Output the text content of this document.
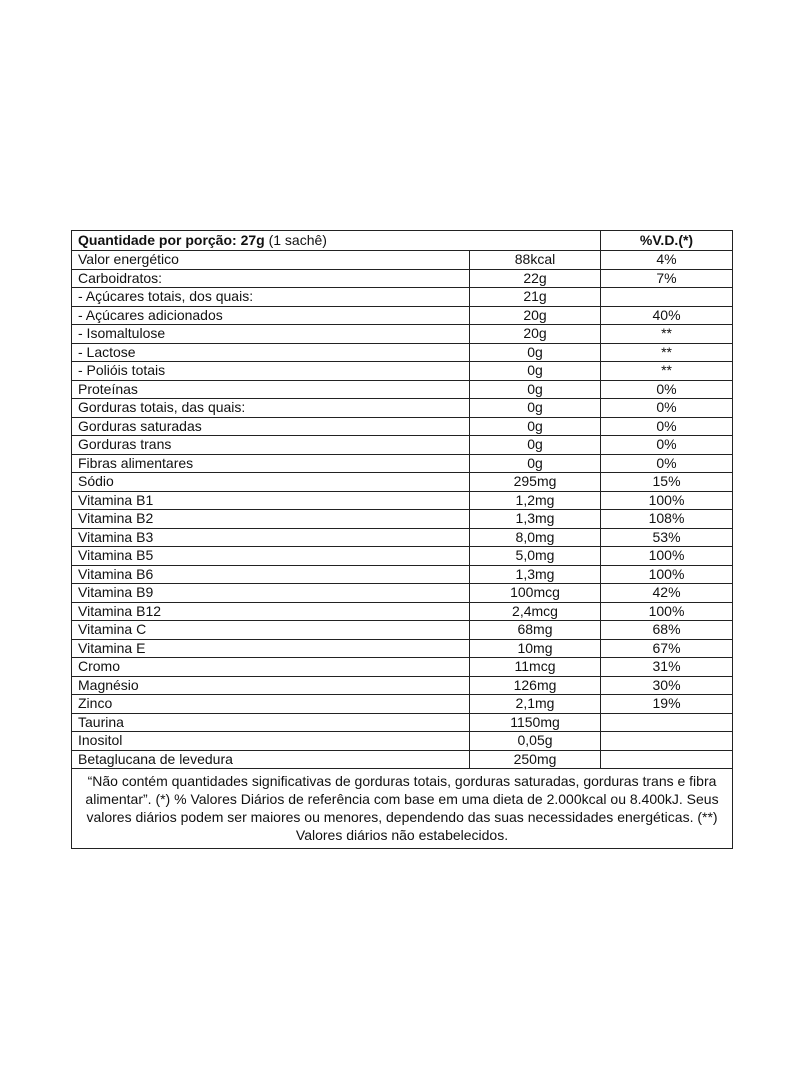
Quantidade por porção: 27g (1 sachê)		%V.D.(*)
Valor energético	88kcal	4%
Carboidratos:	22g	7%
- Açúcares totais, dos quais:	21g	
- Açúcares adicionados	20g	40%
- Isomaltulose	20g	**
- Lactose	0g	**
- Polióis totais	0g	**
Proteínas	0g	0%
Gorduras totais, das quais:	0g	0%
Gorduras saturadas	0g	0%
Gorduras trans	0g	0%
Fibras alimentares	0g	0%
Sódio	295mg	15%
Vitamina B1	1,2mg	100%
Vitamina B2	1,3mg	108%
Vitamina B3	8,0mg	53%
Vitamina B5	5,0mg	100%
Vitamina B6	1,3mg	100%
Vitamina B9	100mcg	42%
Vitamina B12	2,4mcg	100%
Vitamina C	68mg	68%
Vitamina E	10mg	67%
Cromo	11mcg	31%
Magnésio	126mg	30%
Zinco	2,1mg	19%
Taurina	1150mg	
Inositol	0,05g	
Betaglucana de levedura	250mg	
“Não contém quantidades significativas de gorduras totais, gorduras saturadas, gorduras trans e fibra alimentar”. (*) % Valores Diários de referência com base em uma dieta de 2.000kcal ou 8.400kJ. Seus valores diários podem ser maiores ou menores, dependendo das suas necessidades energéticas. (**) Valores diários não estabelecidos.		
